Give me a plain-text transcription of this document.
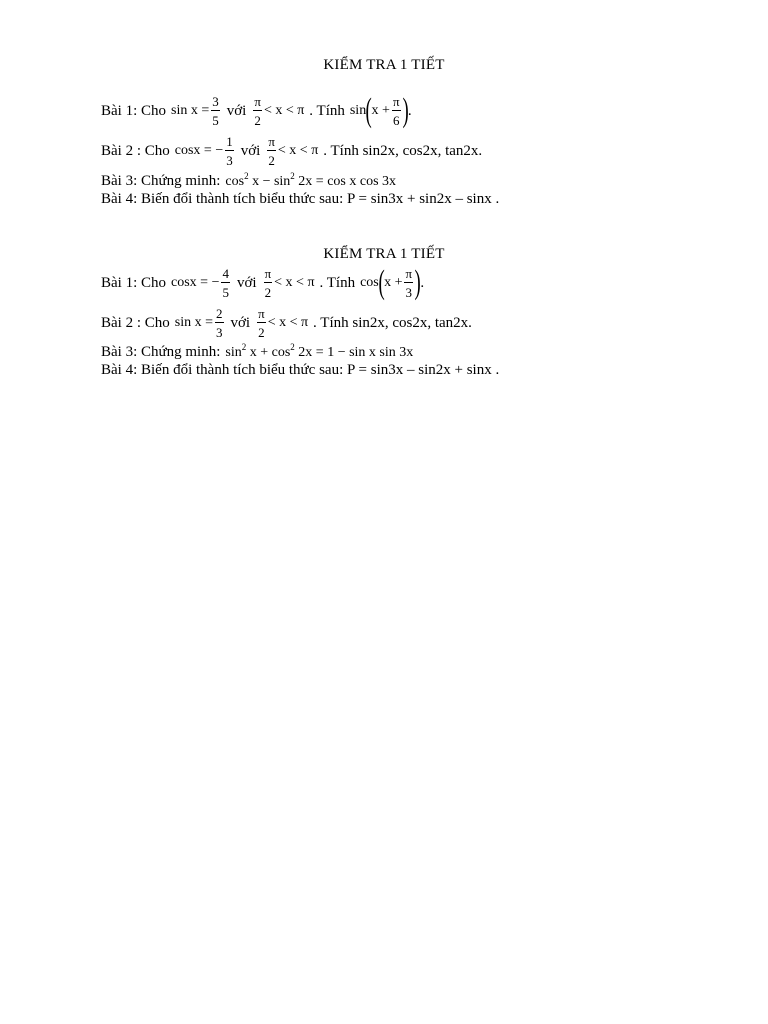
KIỂM TRA 1 TIẾT
Bài 1: Cho $\sin x = \frac{3}{5}$ với $\frac{\pi}{2} < x < \pi$ . Tính sin ( $x + \frac{\pi}{6}$ ) .
Bài 2 : Cho cosx = − $\frac{1}{3}$ với $\frac{\pi}{2} < x < \pi$ . Tính sin2x, cos2x, tan2x.
Bài 3: Chứng minh: $\cos^2 x - \sin^2 2x = \cos x$ cos 3x
Bài 4: Biến đổi thành tích biểu thức sau: P = sin3x + sin2x – sinx .
KIỂM TRA 1 TIẾT
Bài 1: Cho cosx = − $\frac{4}{5}$ với $\frac{\pi}{2} < x < \pi$ . Tính cos ( $x + \frac{\pi}{3}$ ) .
Bài 2 : Cho $\sin x = \frac{2}{3}$ với $\frac{\pi}{2} < x < \pi$ . Tính sin2x, cos2x, tan2x.
Bài 3: Chứng minh: $\sin^2 x + \cos^2 2x = 1 - \sin x$ sin 3x
Bài 4: Biến đổi thành tích biểu thức sau: P = sin3x – sin2x + sinx .
